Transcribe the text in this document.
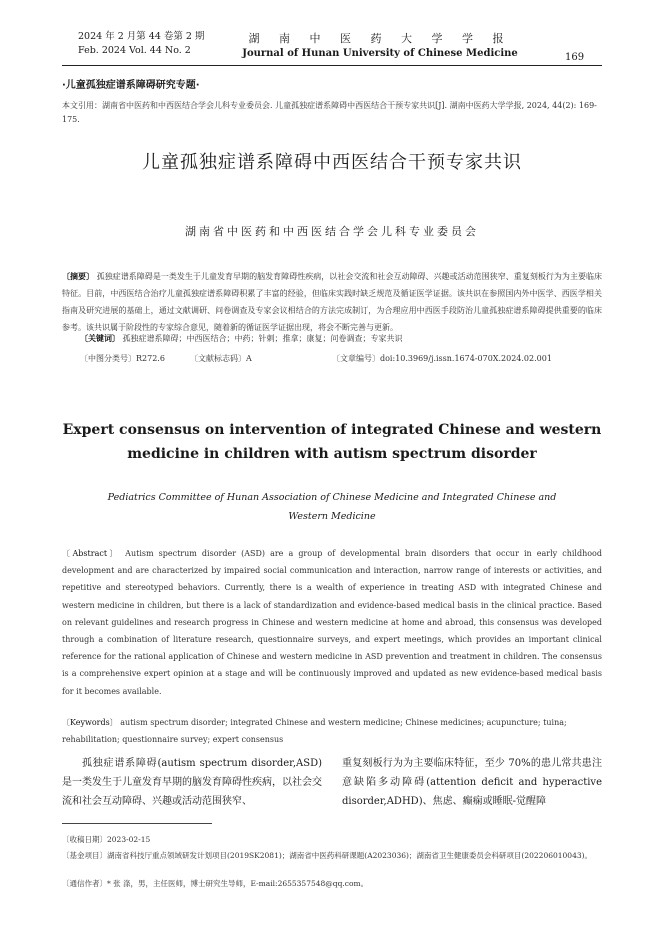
2024 年 2 月第 44 卷第 2 期
Feb. 2024 Vol. 44 No. 2
湖 南 中 医 药 大 学 学 报
Journal of Hunan University of Chinese Medicine	169
·儿童孤独症谱系障碍研究专题·
本文引用：湖南省中医药和中西医结合学会儿科专业委员会. 儿童孤独症谱系障碍中西医结合干预专家共识[J]. 湖南中医药大学学报, 2024, 44(2): 169-175.
儿童孤独症谱系障碍中西医结合干预专家共识
湖南省中医药和中西医结合学会儿科专业委员会
〔摘要〕 孤独症谱系障碍是一类发生于儿童发育早期的脑发育障碍性疾病，以社会交流和社会互动障碍、兴趣或活动范围狭窄、重复刻板行为为主要临床特征。目前，中西医结合治疗儿童孤独症谱系障碍积累了丰富的经验，但临床实践时缺乏规范及循证医学证据。该共识在参照国内外中医学、西医学相关指南及研究进展的基础上，通过文献调研、问卷调查及专家会议相结合的方法完成制订，为合理应用中西医手段防治儿童孤独症谱系障碍提供重要的临床参考。该共识属于阶段性的专家综合意见，随着新的循证医学证据出现，将会不断完善与更新。
〔关键词〕 孤独症谱系障碍；中西医结合；中药；针刺；推拿；康复；问卷调查；专家共识
〔中图分类号〕R272.6	〔文献标志码〕A	〔文章编号〕doi:10.3969/j.issn.1674-070X.2024.02.001
Expert consensus on intervention of integrated Chinese and western
medicine in children with autism spectrum disorder
Pediatrics Committee of Hunan Association of Chinese Medicine and Integrated Chinese and
Western Medicine
〔Abstract〕 Autism spectrum disorder (ASD) are a group of developmental brain disorders that occur in early childhood development and are characterized by impaired social communication and interaction, narrow range of interests or activities, and repetitive and stereotyped behaviors. Currently, there is a wealth of experience in treating ASD with integrated Chinese and western medicine in children, but there is a lack of standardization and evidence-based medical basis in the clinical practice. Based on relevant guidelines and research progress in Chinese and western medicine at home and abroad, this consensus was developed through a combination of literature research, questionnaire surveys, and expert meetings, which provides an important clinical reference for the rational application of Chinese and western medicine in ASD prevention and treatment in children. The consensus is a comprehensive expert opinion at a stage and will be continuously improved and updated as new evidence-based medical basis for it becomes available.
〔Keywords〕 autism spectrum disorder; integrated Chinese and western medicine; Chinese medicines; acupuncture; tuina; rehabilitation; questionnaire survey; expert consensus
孤独症谱系障碍(autism spectrum disorder,ASD)是一类发生于儿童发育早期的脑发育障碍性疾病，以社会交流和社会互动障碍、兴趣或活动范围狭窄、
重复刻板行为为主要临床特征，至少 70%的患儿常共患注意缺陷多动障碍(attention deficit and hyperactive disorder,ADHD)、焦虑、癫痫或睡眠-觉醒障
〔收稿日期〕2023-02-15
〔基金项目〕湖南省科技厅重点领域研发计划项目(2019SK2081)；湖南省中医药科研课题(A2023036)；湖南省卫生健康委员会科研项目(202206010043)。
〔通信作者〕* 张 涤，男，主任医师，博士研究生导师，E-mail:2655357548@qq.com。
